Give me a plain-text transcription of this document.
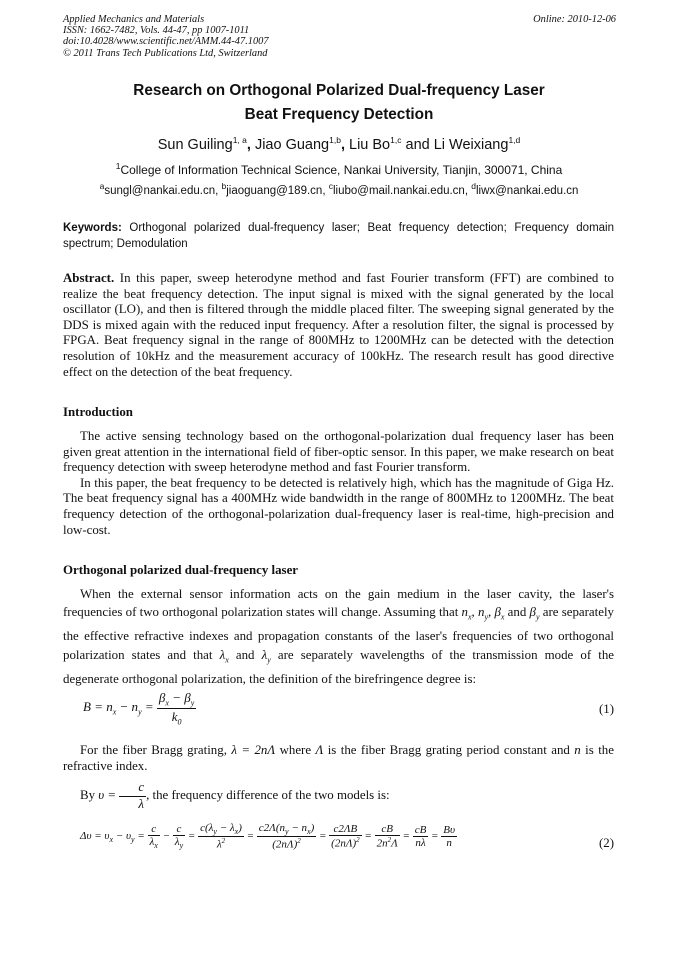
Applied Mechanics and Materials
ISSN: 1662-7482, Vols. 44-47, pp 1007-1011
doi:10.4028/www.scientific.net/AMM.44-47.1007
© 2011 Trans Tech Publications Ltd, Switzerland
Online: 2010-12-06
Research on Orthogonal Polarized Dual-frequency Laser
Beat Frequency Detection
Sun Guiling$^{1, a}$, Jiao Guang$^{1,b}$, Liu Bo$^{1,c}$ and Li Weixiang$^{1,d}$
$^1$College of Information Technical Science, Nankai University, Tianjin, 300071, China
$^a$sungl@nankai.edu.cn, $^b$jiaoguang@189.cn, $^c$liubo@mail.nankai.edu.cn, $^d$liwx@nankai.edu.cn
Keywords: Orthogonal polarized dual-frequency laser; Beat frequency detection; Frequency domain spectrum; Demodulation
Abstract. In this paper, sweep heterodyne method and fast Fourier transform (FFT) are combined to realize the beat frequency detection. The input signal is mixed with the signal generated by the local oscillator (LO), and then is filtered through the middle placed filter. The sweeping signal generated by the DDS is mixed again with the reduced input frequency. After a resolution filter, the signal is processed by FPGA. Beat frequency signal in the range of 800MHz to 1200MHz can be detected with the detection resolution of 10kHz and the measurement accuracy of 100kHz. The research result has good directive effect on the detection of the beat frequency.
Introduction

The active sensing technology based on the orthogonal-polarization dual frequency laser has been given great attention in the international field of fiber-optic sensor. In this paper, we make research on beat frequency detection with sweep heterodyne method and fast Fourier transform.

In this paper, the beat frequency to be detected is relatively high, which has the magnitude of Giga Hz. The beat frequency signal has a 400MHz wide bandwidth in the range of 800MHz to 1200MHz. The beat frequency detection of the orthogonal-polarization dual-frequency laser is real-time, high-precision and low-cost.

Orthogonal polarized dual-frequency laser

When the external sensor information acts on the gain medium in the laser cavity, the laser's frequencies of two orthogonal polarization states will change. Assuming that $n_x$, $n_y$, $\beta_x$ and $\beta_y$ are separately the effective refractive indexes and propagation constants of the laser's frequencies of two orthogonal polarization states and that $\lambda_x$ and $\lambda_y$ are separately wavelengths of the transmission mode of the degenerate orthogonal polarization, the definition of the birefringence degree is:

$B = n_x - n_y = \frac{\beta_x - \beta_y}{k_0}$	(1)

For the fiber Bragg grating, λ = 2nΛ where Λ is the fiber Bragg grating period constant and n is the refractive index.

By $\upsilon = \frac{c}{\lambda}$ , the frequency difference of the two models is:

$\Delta\upsilon = \upsilon_x - \upsilon_y = \frac{c}{\lambda_x} - \frac{c}{\lambda_y} = \frac{c(\lambda_y - \lambda_x)}{\lambda^2} = \frac{c2\Lambda(n_y - n_x)}{(2n\Lambda)^2} = \frac{c2\Lambda B}{(2n\Lambda)^2} = \frac{cB}{2n^2\Lambda} = \frac{cB}{n\lambda} = \frac{B\upsilon}{n}$	(2)
